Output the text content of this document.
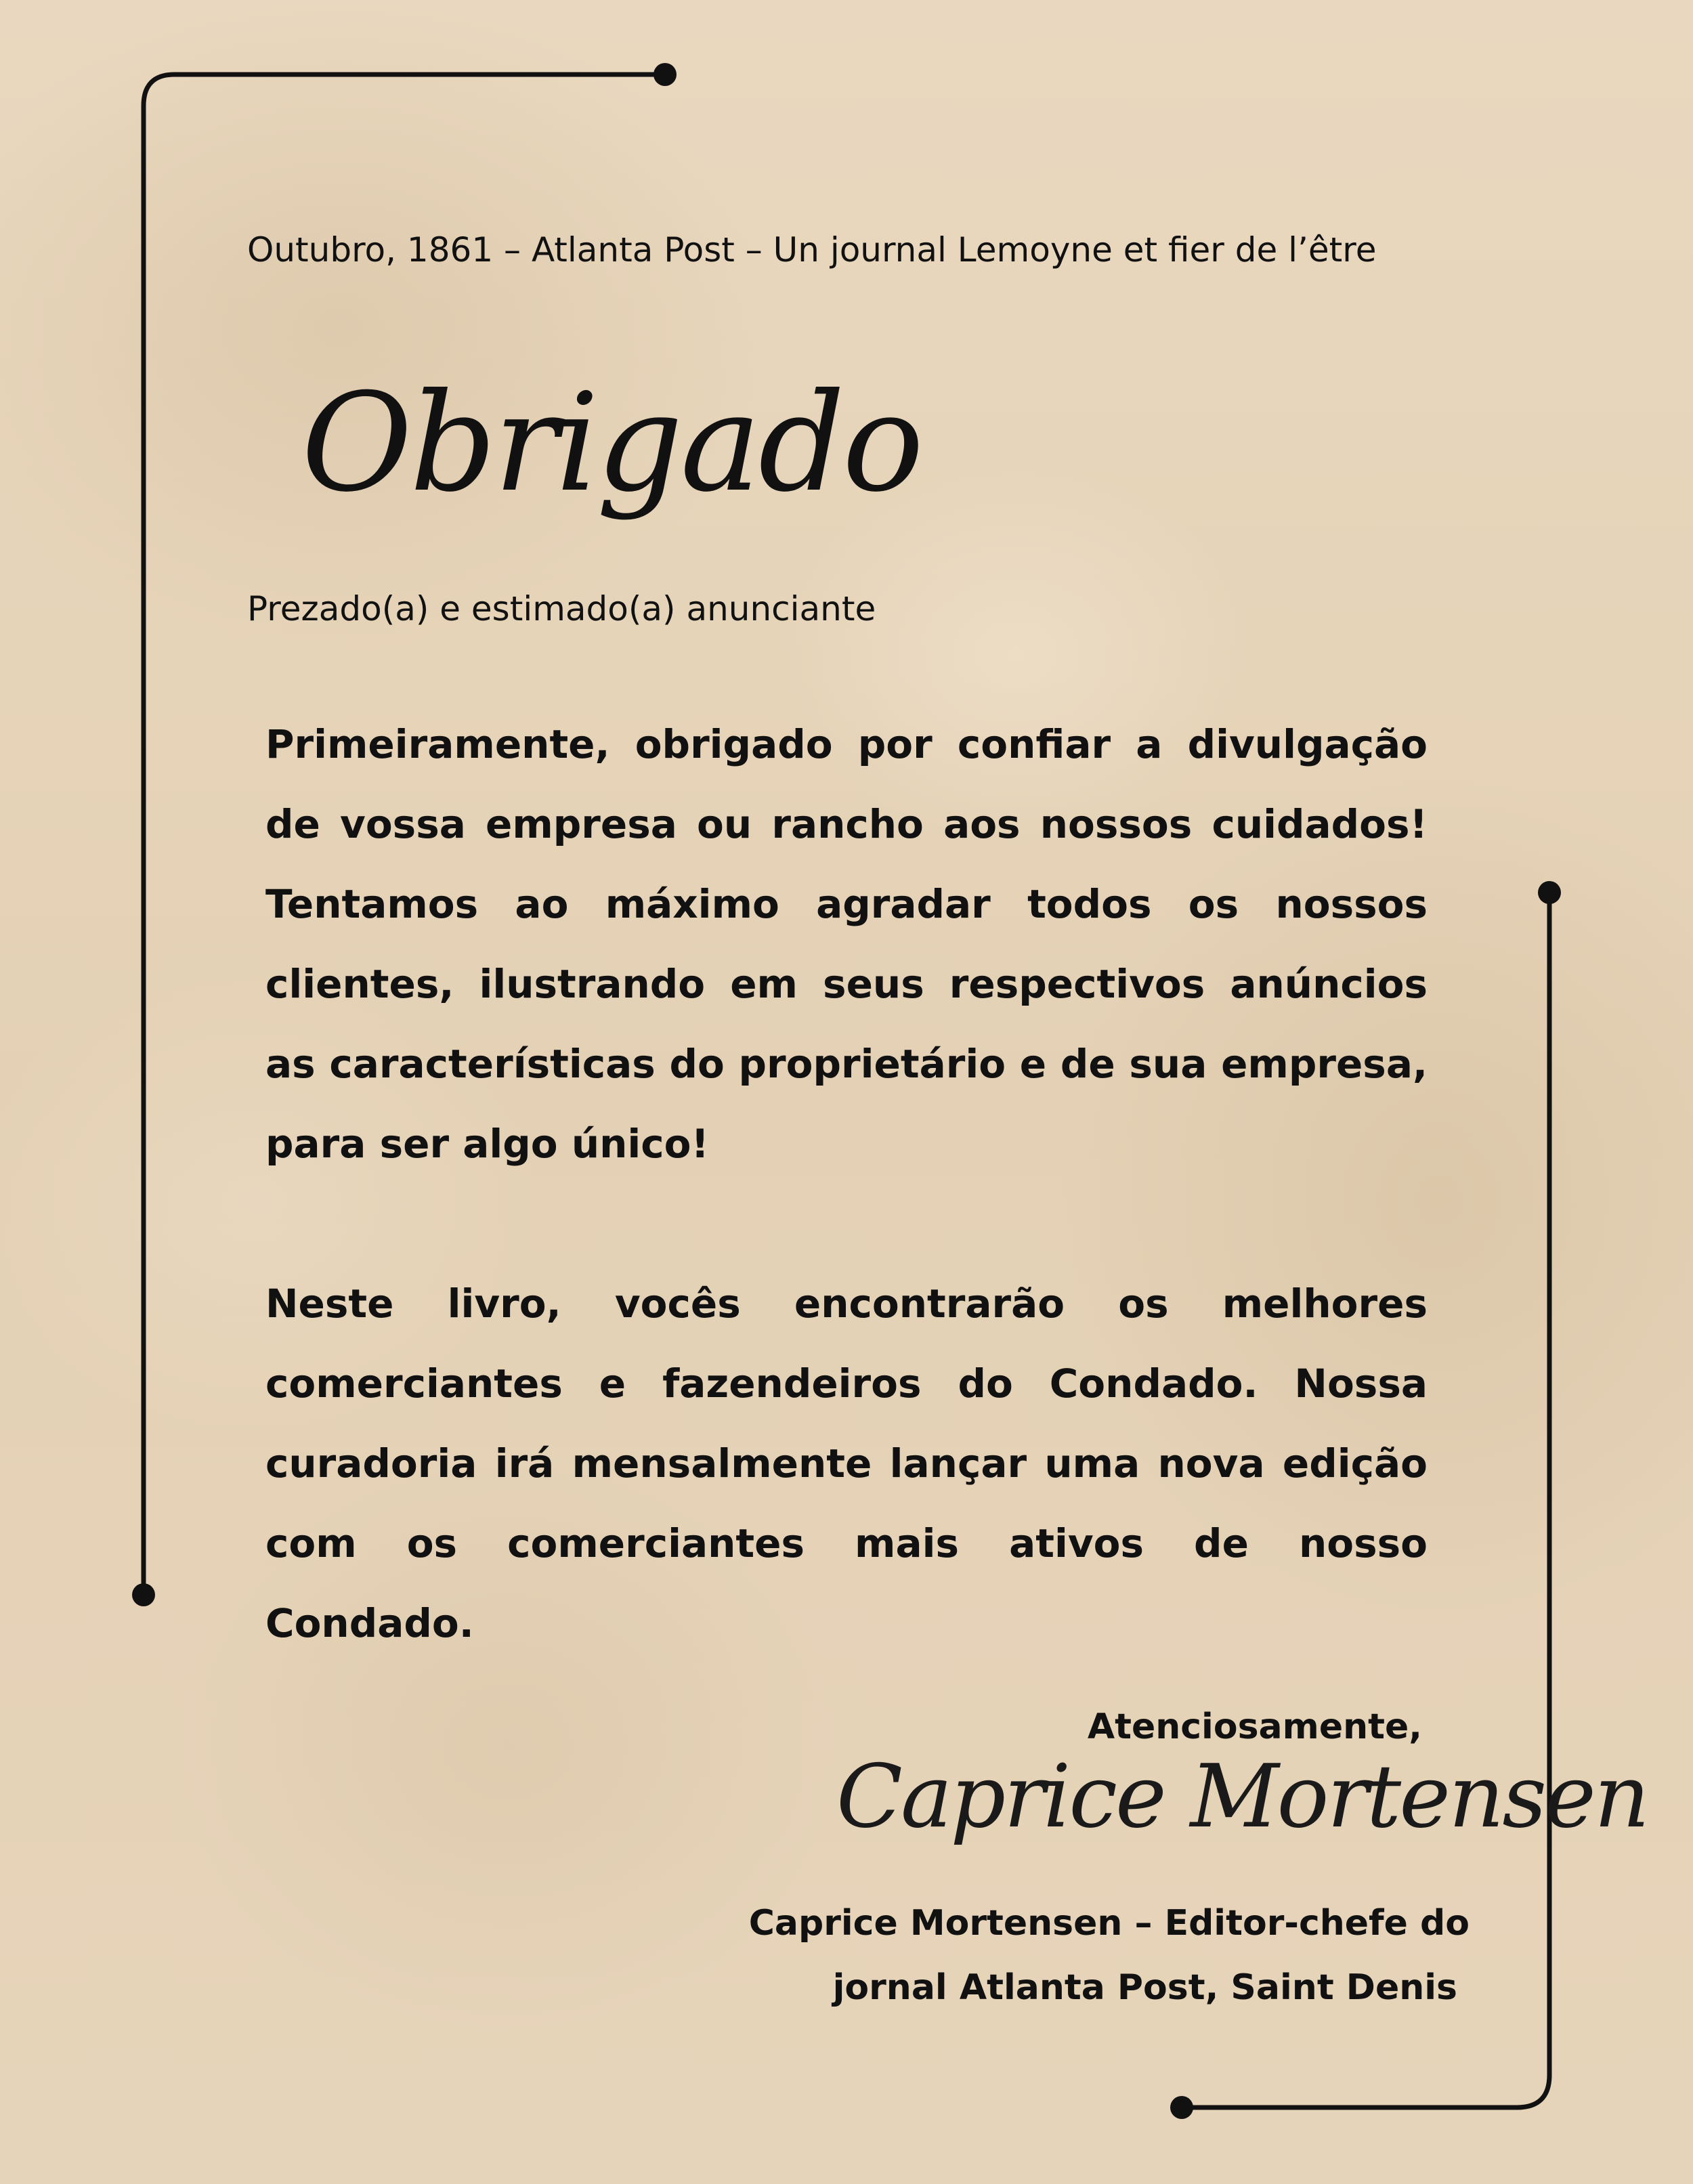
Outubro, 1861 – Atlanta Post – Un journal Lemoyne et fier de l’être
Obrigado
Prezado(a) e estimado(a) anunciante
Primeiramente, obrigado por confiar a divulgação de vossa empresa ou rancho aos nossos cuidados! Tentamos ao máximo agradar todos os nossos clientes, ilustrando em seus respectivos anúncios as características do proprietário e de sua empresa, para ser algo único!
Neste livro, vocês encontrarão os melhores comerciantes e fazendeiros do Condado. Nossa curadoria irá mensalmente lançar uma nova edição com os comerciantes mais ativos de nosso Condado.
Atenciosamente,
Caprice Mortensen
Caprice Mortensen – Editor-chefe do
jornal Atlanta Post, Saint Denis
